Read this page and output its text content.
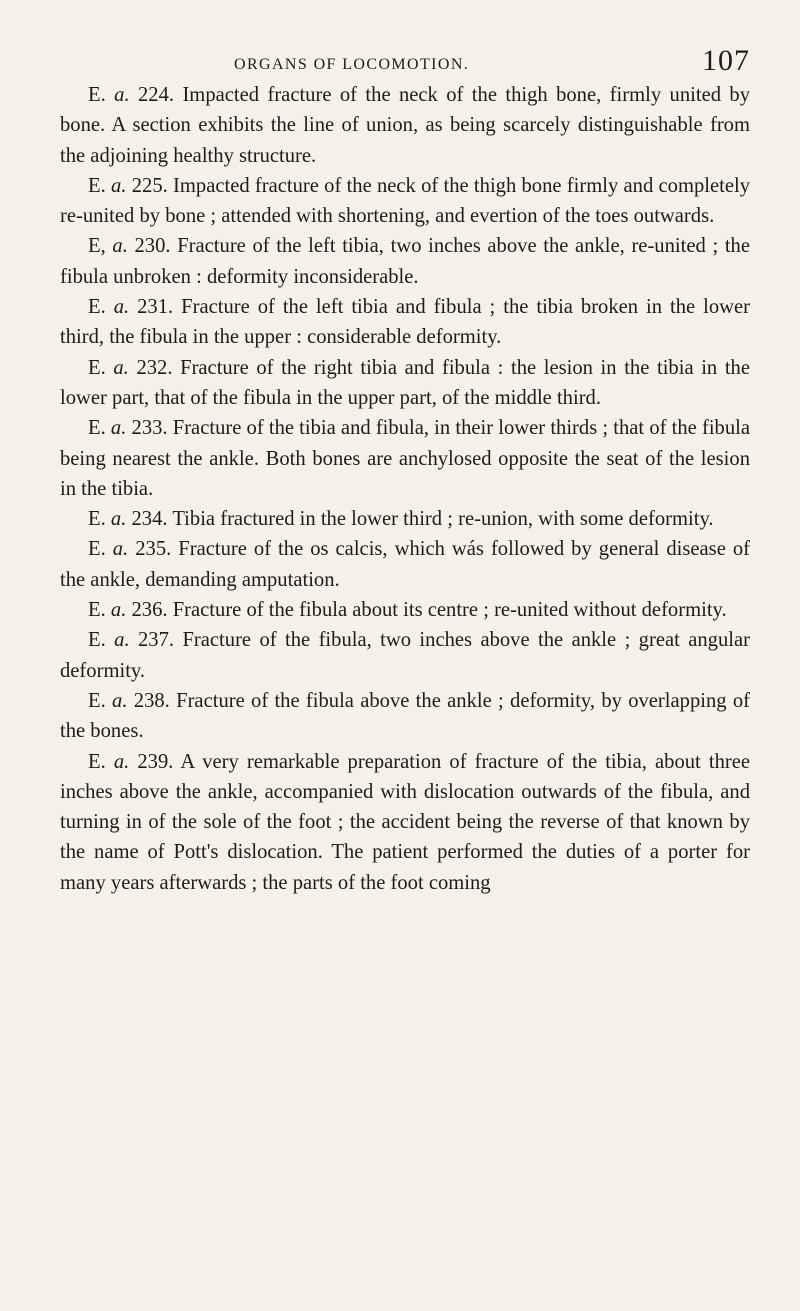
ORGANS OF LOCOMOTION.	107

E. a. 224. Impacted fracture of the neck of the thigh bone, firmly united by bone. A section exhibits the line of union, as being scarcely distinguishable from the adjoining healthy structure.

E. a. 225. Impacted fracture of the neck of the thigh bone firmly and completely re-united by bone ; attended with shortening, and evertion of the toes outwards.

E, a. 230. Fracture of the left tibia, two inches above the ankle, re-united ; the fibula unbroken : deformity inconsiderable.

E. a. 231. Fracture of the left tibia and fibula ; the tibia broken in the lower third, the fibula in the upper : considerable deformity.

E. a. 232. Fracture of the right tibia and fibula : the lesion in the tibia in the lower part, that of the fibula in the upper part, of the middle third.

E. a. 233. Fracture of the tibia and fibula, in their lower thirds ; that of the fibula being nearest the ankle. Both bones are anchylosed opposite the seat of the lesion in the tibia.

E. a. 234. Tibia fractured in the lower third ; re-union, with some deformity.

E. a. 235. Fracture of the os calcis, which wás followed by general disease of the ankle, demanding amputation.

E. a. 236. Fracture of the fibula about its centre ; re-united without deformity.

E. a. 237. Fracture of the fibula, two inches above the ankle ; great angular deformity.

E. a. 238. Fracture of the fibula above the ankle ; deformity, by overlapping of the bones.

E. a. 239. A very remarkable preparation of fracture of the tibia, about three inches above the ankle, accompanied with dislocation outwards of the fibula, and turning in of the sole of the foot ; the accident being the reverse of that known by the name of Pott's dislocation. The patient performed the duties of a porter for many years afterwards ; the parts of the foot coming
